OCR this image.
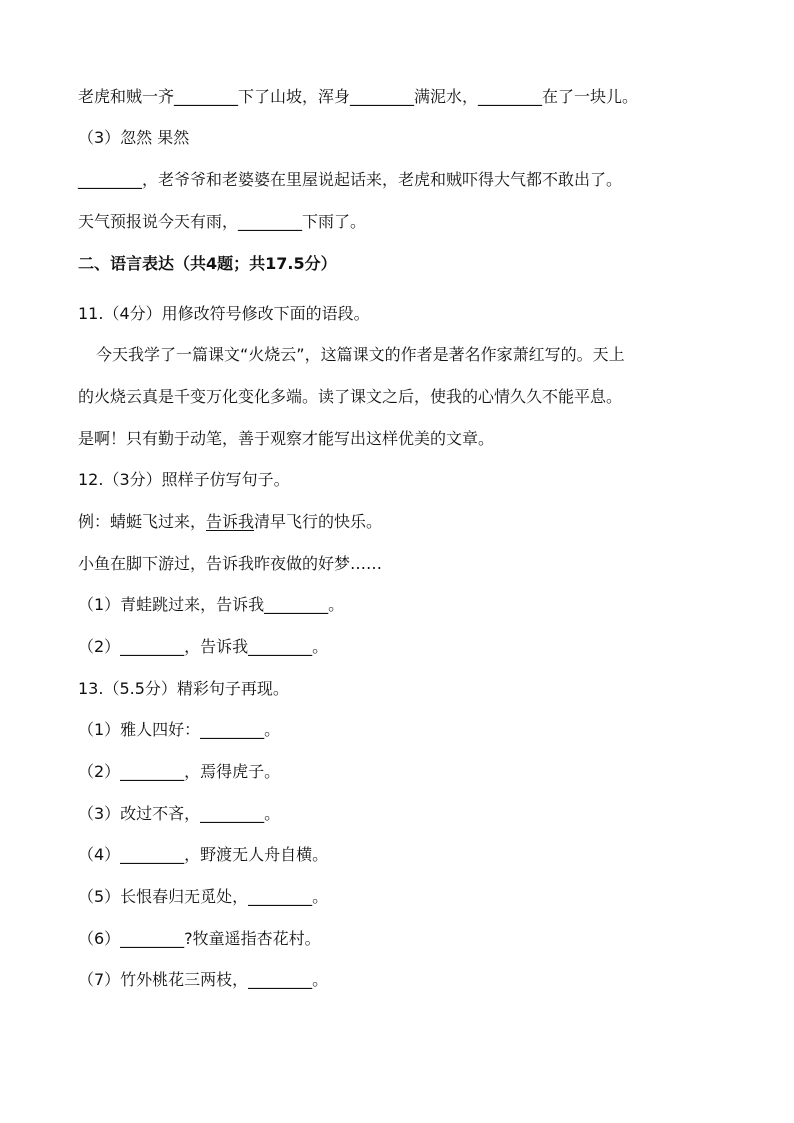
老虎和贼一齐________下了山坡，浑身________满泥水，________在了一块儿。
（3）忽然 果然
________，老爷爷和老婆婆在里屋说起话来，老虎和贼吓得大气都不敢出了。
天气预报说今天有雨，________下雨了。
二、语言表达（共4题；共17.5分）
11.（4分）用修改符号修改下面的语段。
今天我学了一篇课文“火烧云”，这篇课文的作者是著名作家萧红写的。天上
的火烧云真是千变万化变化多端。读了课文之后，使我的心情久久不能平息。
是啊！只有勤于动笔，善于观察才能写出这样优美的文章。
12.（3分）照样子仿写句子。
例：蜻蜓飞过来，告诉我清早飞行的快乐。
小鱼在脚下游过，告诉我昨夜做的好梦……
（1）青蛙跳过来，告诉我________。
（2）________，告诉我________。
13.（5.5分）精彩句子再现。
（1）雅人四好：________。
（2）________，焉得虎子。
（3）改过不吝，________。
（4）________，野渡无人舟自横。
（5）长恨春归无觅处，________。
（6）________?牧童遥指杏花村。
（7）竹外桃花三两枝，________。
